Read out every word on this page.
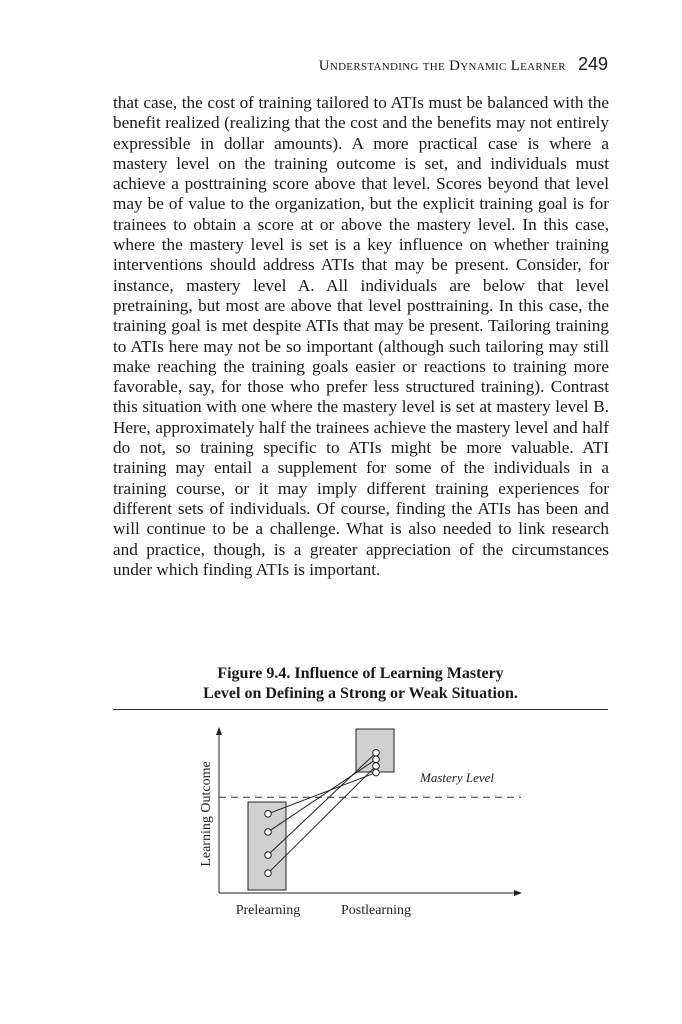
Understanding the Dynamic Learner 249

that case, the cost of training tailored to ATIs must be balanced with the benefit realized (realizing that the cost and the benefits may not entirely expressible in dollar amounts). A more practical case is where a mastery level on the training outcome is set, and individuals must achieve a posttraining score above that level. Scores beyond that level may be of value to the organization, but the explicit training goal is for trainees to obtain a score at or above the mastery level. In this case, where the mastery level is set is a key influence on whether training interventions should address ATIs that may be present. Consider, for instance, mastery level A. All individuals are below that level pretraining, but most are above that level posttraining. In this case, the training goal is met despite ATIs that may be present. Tailoring training to ATIs here may not be so important (although such tailoring may still make reaching the training goals easier or reactions to training more favorable, say, for those who prefer less structured training). Contrast this situation with one where the mastery level is set at mastery level B. Here, approximately half the trainees achieve the mastery level and half do not, so training specific to ATIs might be more valuable. ATI training may entail a supplement for some of the individuals in a training course, or it may imply different training experiences for different sets of individuals. Of course, finding the ATIs has been and will continue to be a challenge. What is also needed to link research and practice, though, is a greater appreciation of the circumstances under which finding ATIs is important.

Figure 9.4. Influence of Learning Mastery
Level on Defining a Strong or Weak Situation.
Mastery Level
Learning Outcome
Prelearning	Postlearning
